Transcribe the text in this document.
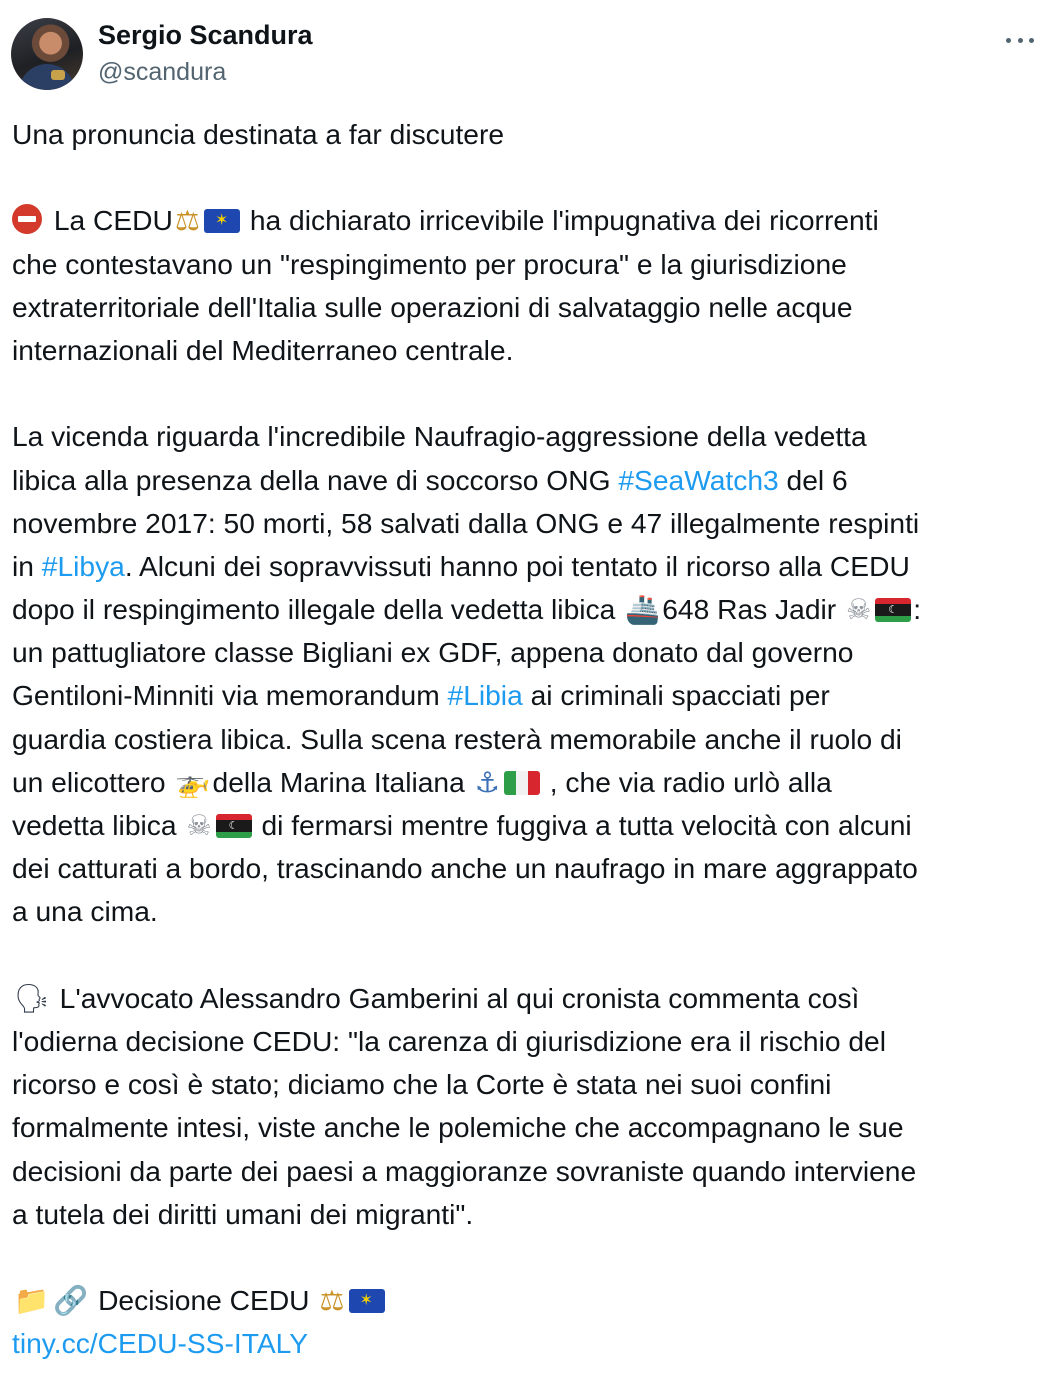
Sergio Scandura
@scandura
Una pronuncia destinata a far discutere
La CEDU⚖ ✶ ha dichiarato irricevibile l'impugnativa dei ricorrenti
che contestavano un "respingimento per procura" e la giurisdizione
extraterritoriale dell'Italia sulle operazioni di salvataggio nelle acque
internazionali del Mediterraneo centrale.
La vicenda riguarda l'incredibile Naufragio-aggressione della vedetta
libica alla presenza della nave di soccorso ONG #SeaWatch3 del 6
novembre 2017: 50 morti, 58 salvati dalla ONG e 47 illegalmente respinti
in #Libya. Alcuni dei sopravvissuti hanno poi tentato il ricorso alla CEDU
dopo il respingimento illegale della vedetta libica 🚢648 Ras Jadir ☠ ☾ :
un pattugliatore classe Bigliani ex GDF, appena donato dal governo
Gentiloni-Minniti via memorandum #Libia ai criminali spacciati per
guardia costiera libica. Sulla scena resterà memorabile anche il ruolo di
un elicottero 🚁della Marina Italiana ⚓ , che via radio urlò alla
vedetta libica ☠ ☾ di fermarsi mentre fuggiva a tutta velocità con alcuni
dei catturati a bordo, trascinando anche un naufrago in mare aggrappato
a una cima.
🗣 L'avvocato Alessandro Gamberini al qui cronista commenta così
l'odierna decisione CEDU: "la carenza di giurisdizione era il rischio del
ricorso e così è stato; diciamo che la Corte è stata nei suoi confini
formalmente intesi, viste anche le polemiche che accompagnano le sue
decisioni da parte dei paesi a maggioranze sovraniste quando interviene
a tutela dei diritti umani dei migranti".
📁 🔗 Decisione CEDU ⚖✶
tiny.cc/CEDU-SS-ITALY
